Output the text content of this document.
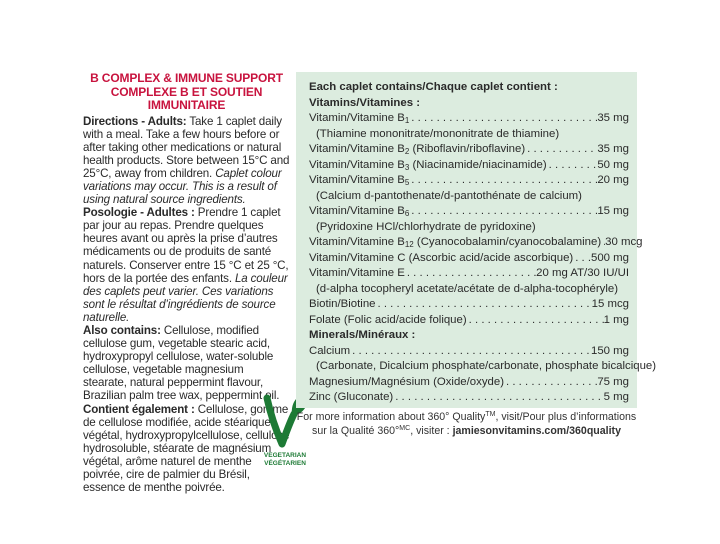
B COMPLEX & IMMUNE SUPPORT
COMPLEXE B ET SOUTIEN IMMUNITAIRE

Directions - Adults: Take 1 caplet daily with a meal. Take a few hours before or after taking other medications or natural health products. Store between 15°C and 25°C, away from children. Caplet colour variations may occur. This is a result of using natural source ingredients.

Posologie - Adultes : Prendre 1 caplet par jour au repas. Prendre quelques heures avant ou après la prise d’autres médicaments ou de produits de santé naturels. Conserver entre 15 °C et 25 °C, hors de la portée des enfants. La couleur des caplets peut varier. Ces variations sont le résultat d’ingrédients de source naturelle.

Also contains: Cellulose, modified cellulose gum, vegetable stearic acid, hydroxypropyl cellulose, water-soluble cellulose, vegetable magnesium stearate, natural peppermint flavour, Brazilian palm tree wax, peppermint oil.

Contient également : Cellulose, gomme de cellulose modifiée, acide stéarique végétal, hydroxypropylcellulose, cellulose hydrosoluble, stéarate de magnésium végétal, arôme naturel de menthe poivrée, cire de palmier du Brésil, essence de menthe poivrée.

VEGETARIAN
VÉGÉTARIEN
Each caplet contains/Chaque caplet contient :
Vitamins/Vitamines :
Vitamin/Vitamine $B_1$ . . .	35 mg
(Thiamine mononitrate/mononitrate de thiamine)
Vitamin/Vitamine $B_2$ (Riboflavin/riboflavine) . . .	35 mg
Vitamin/Vitamine $B_3$ (Niacinamide/niacinamide) . . .	50 mg
Vitamin/Vitamine $B_5$ . . .	20 mg
(Calcium d-pantothenate/d-pantothénate de calcium)
Vitamin/Vitamine $B_6$ . . .	15 mg
(Pyridoxine HCl/chlorhydrate de pyridoxine)
Vitamin/Vitamine $B_{12}$ (Cyanocobalamin/cyanocobalamine) . . . 30 mcg
Vitamin/Vitamine C (Ascorbic acid/acide ascorbique) . . . 500 mg
Vitamin/Vitamine E . . .	20 mg AT/30 IU/UI
(d-alpha tocopheryl acetate/acétate de d-alpha-tocophéryle)
Biotin/Biotine . . .	15 mcg
Folate (Folic acid/acide folique) . . .	1 mg
Minerals/Minéraux :
Calcium . . .	150 mg
(Carbonate, Dicalcium phosphate/carbonate, phosphate bicalcique)
Magnesium/Magnésium (Oxide/oxyde) . . .	75 mg
Zinc (Gluconate) . . .	5 mg
For more information about 360° Quality™, visit/Pour plus d’informations
sur la Qualité 360°$^{MC}$, visiter : jamiesonvitamins.com/360quality
